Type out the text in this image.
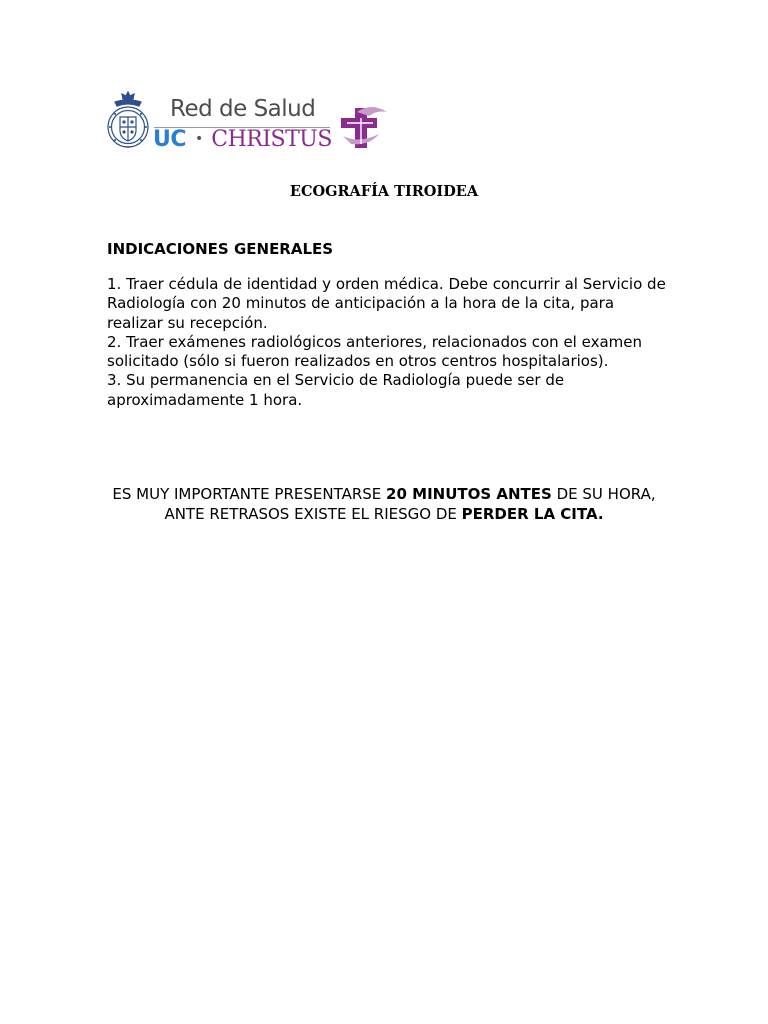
Red de Salud
UC • CHRISTUS
ECOGRAFÍA TIROIDEA
INDICACIONES GENERALES

1. Traer cédula de identidad y orden médica. Debe concurrir al Servicio de Radiología con 20 minutos de anticipación a la hora de la cita, para realizar su recepción.

2. Traer exámenes radiológicos anteriores, relacionados con el examen solicitado (sólo si fueron realizados en otros centros hospitalarios).

3. Su permanencia en el Servicio de Radiología puede ser de aproximadamente 1 hora.

ES MUY IMPORTANTE PRESENTARSE 20 MINUTOS ANTES DE SU HORA, ANTE RETRASOS EXISTE EL RIESGO DE PERDER LA CITA.
